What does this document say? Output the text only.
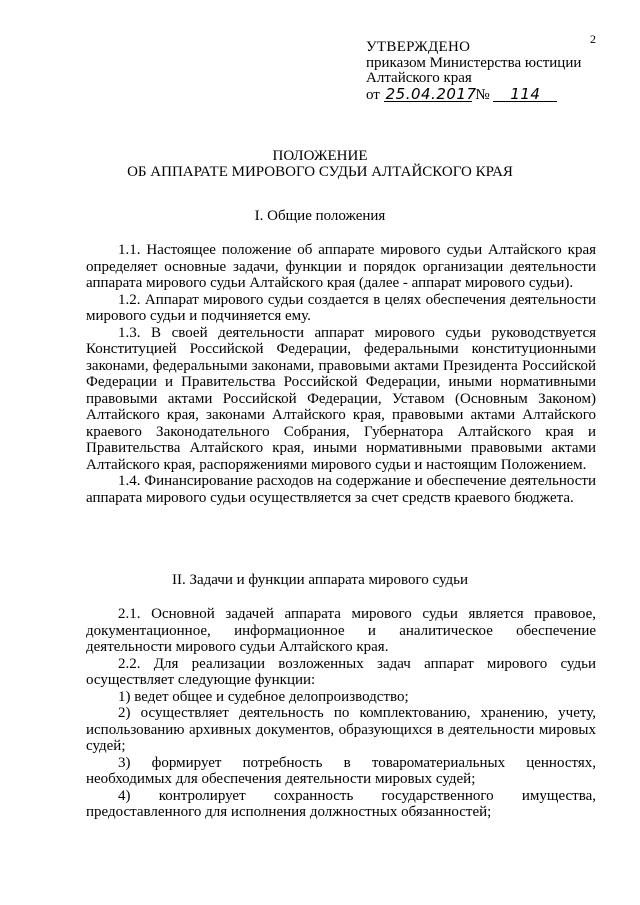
2
УТВЕРЖДЕНО
приказом Министерства юстиции
Алтайского края
от 25.04.2017 № 114
ПОЛОЖЕНИЕ
ОБ АППАРАТЕ МИРОВОГО СУДЬИ АЛТАЙСКОГО КРАЯ
I. Общие положения

1.1. Настоящее положение об аппарате мирового судьи Алтайского края определяет основные задачи, функции и порядок организации деятельности аппарата мирового судьи Алтайского края (далее - аппарат мирового судьи).

1.2. Аппарат мирового судьи создается в целях обеспечения деятельности мирового судьи и подчиняется ему.

1.3. В своей деятельности аппарат мирового судьи руководствуется Конституцией Российской Федерации, федеральными конституционными законами, федеральными законами, правовыми актами Президента Российской Федерации и Правительства Российской Федерации, иными нормативными правовыми актами Российской Федерации, Уставом (Основным Законом) Алтайского края, законами Алтайского края, правовыми актами Алтайского краевого Законодательного Собрания, Губернатора Алтайского края и Правительства Алтайского края, иными нормативными правовыми актами Алтайского края, распоряжениями мирового судьи и настоящим Положением.

1.4. Финансирование расходов на содержание и обеспечение деятельности аппарата мирового судьи осуществляется за счет средств краевого бюджета.

II. Задачи и функции аппарата мирового судьи

2.1. Основной задачей аппарата мирового судьи является правовое, документационное, информационное и аналитическое обеспечение деятельности мирового судьи Алтайского края.

2.2. Для реализации возложенных задач аппарат мирового судьи осуществляет следующие функции:

1) ведет общее и судебное делопроизводство;

2) осуществляет деятельность по комплектованию, хранению, учету, использованию архивных документов, образующихся в деятельности мировых судей;

3) формирует потребность в товароматериальных ценностях, необходимых для обеспечения деятельности мировых судей;

4) контролирует сохранность государственного имущества, предоставленного для исполнения должностных обязанностей;
